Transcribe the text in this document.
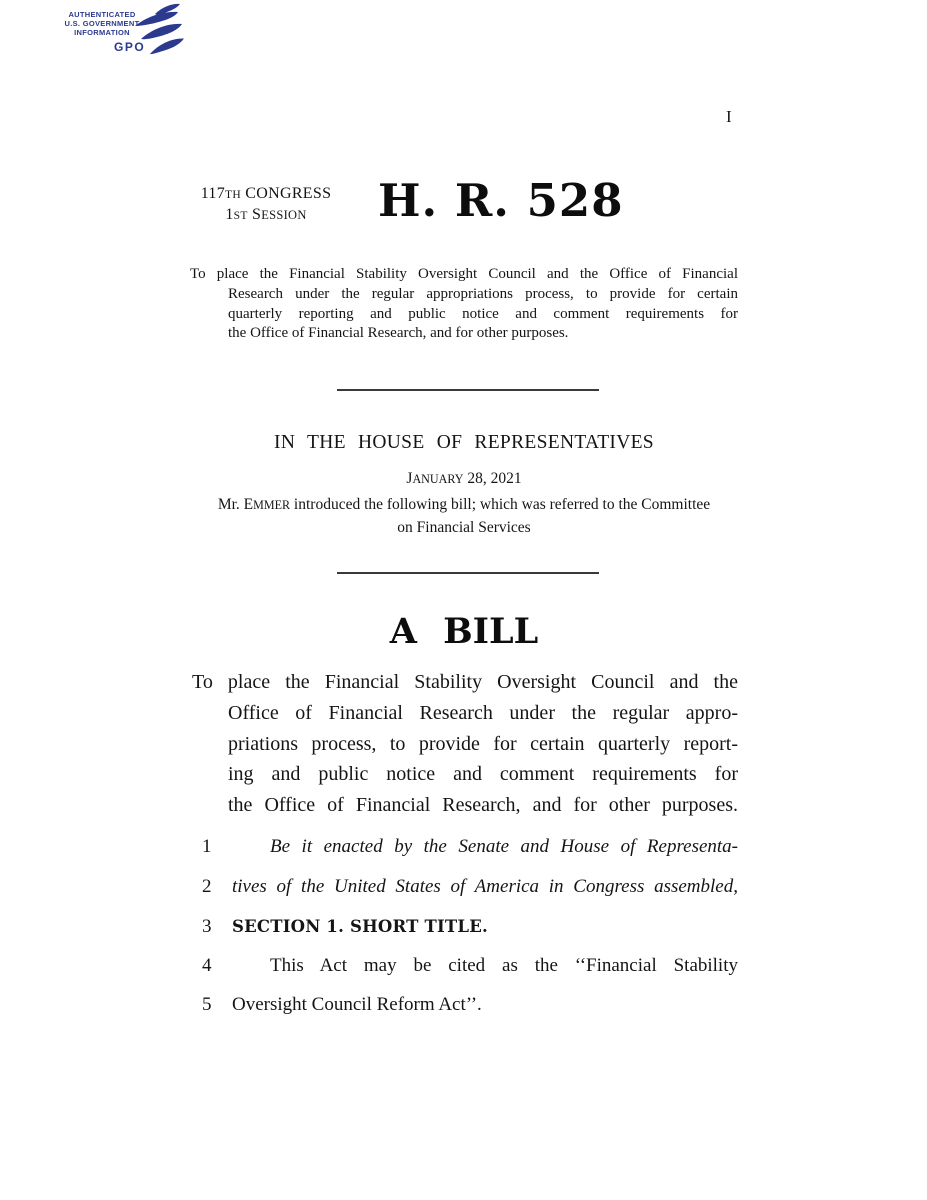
AUTHENTICATED
U.S. GOVERNMENT
INFORMATION
GPO
I
117TH CONGRESS
1ST SESSION	H. R. 528
To place the Financial Stability Oversight Council and the Office of Financial
Research under the regular appropriations process, to provide for certain
quarterly reporting and public notice and comment requirements for
the Office of Financial Research, and for other purposes.
IN THE HOUSE OF REPRESENTATIVES
JANUARY 28, 2021
Mr. EMMER introduced the following bill; which was referred to the Committee
on Financial Services
A BILL
To place the Financial Stability Oversight Council and the
Office of Financial Research under the regular appro-
priations process, to provide for certain quarterly report-
ing and public notice and comment requirements for
the Office of Financial Research, and for other purposes.
1	Be it enacted by the Senate and House of Representa-
2	tives of the United States of America in Congress assembled,
3	SECTION 1. SHORT TITLE.
4	This Act may be cited as the ‘‘Financial Stability
5	Oversight Council Reform Act’’.
